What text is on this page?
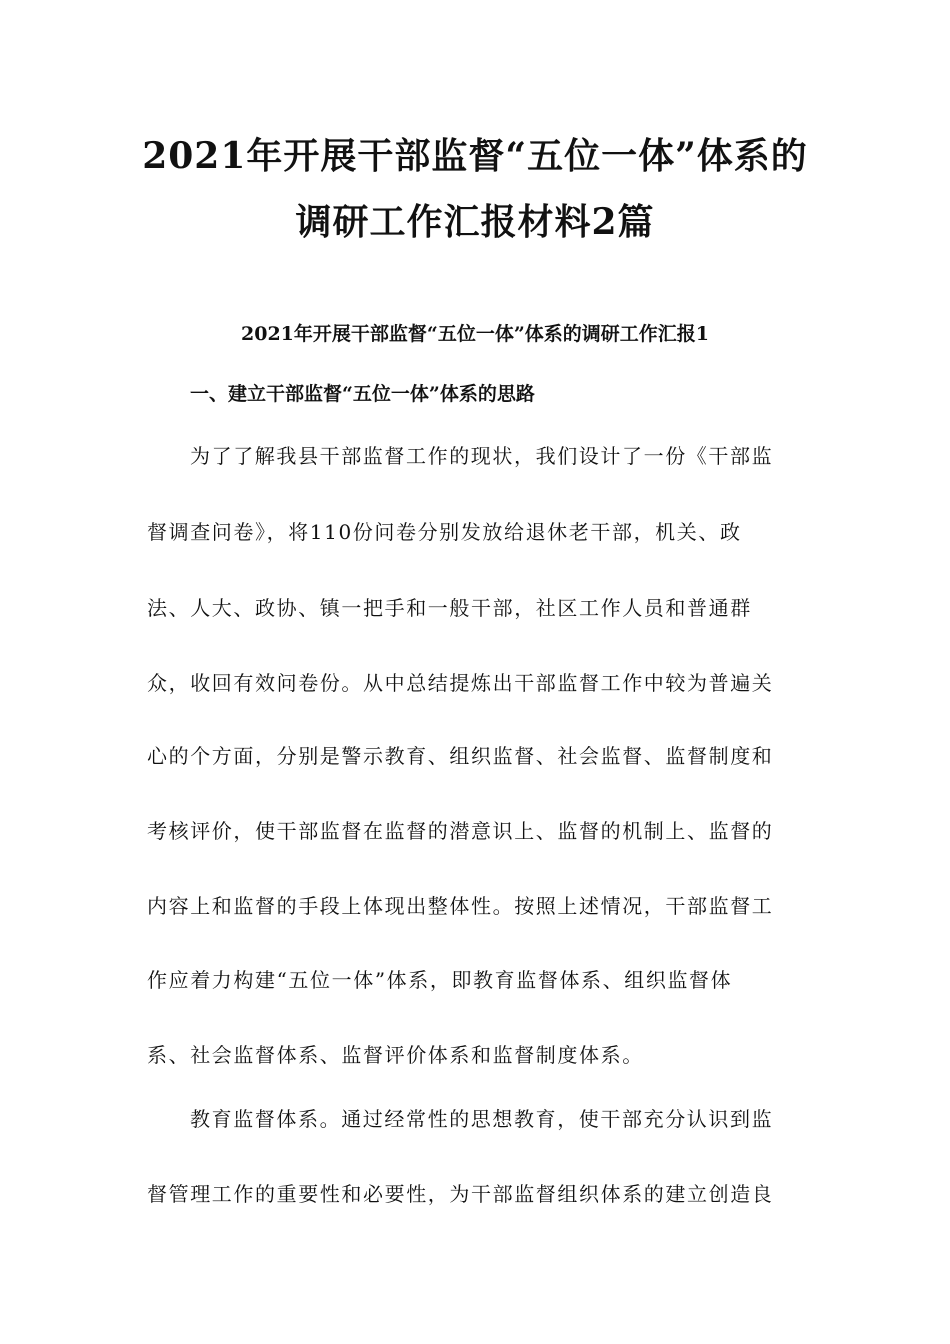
2021年开展干部监督“五位一体”体系的
调研工作汇报材料2篇
2021年开展干部监督“五位一体”体系的调研工作汇报1
一、建立干部监督“五位一体”体系的思路
为了了解我县干部监督工作的现状，我们设计了一份《干部监
督调查问卷》，将110份问卷分别发放给退休老干部，机关、政
法、人大、政协、镇一把手和一般干部，社区工作人员和普通群
众，收回有效问卷份。从中总结提炼出干部监督工作中较为普遍关
心的个方面，分别是警示教育、组织监督、社会监督、监督制度和
考核评价，使干部监督在监督的潜意识上、监督的机制上、监督的
内容上和监督的手段上体现出整体性。按照上述情况，干部监督工
作应着力构建“五位一体”体系，即教育监督体系、组织监督体
系、社会监督体系、监督评价体系和监督制度体系。
教育监督体系。通过经常性的思想教育，使干部充分认识到监
督管理工作的重要性和必要性，为干部监督组织体系的建立创造良
